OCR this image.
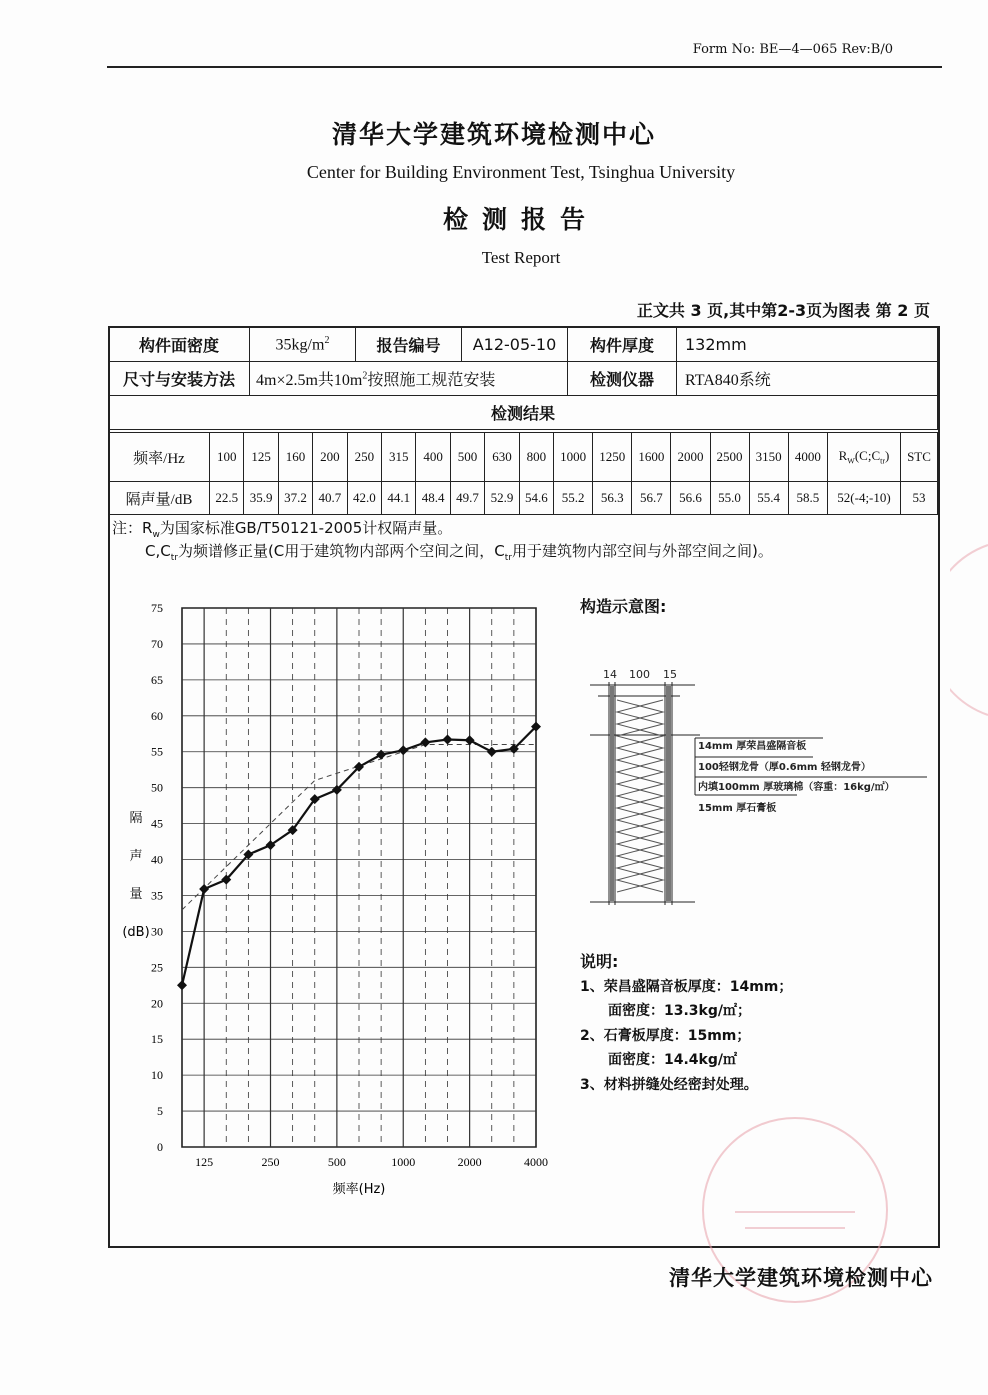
Form No: BE—4—065 Rev:B/0
清华大学建筑环境检测中心
Center for Building Environment Test, Tsinghua University
检测报告
Test Report
正文共 3 页,其中第2-3页为图表 第 2 页
构件面密度	$35kg/m^2$	报告编号	A12-05-10	构件厚度	132mm
尺寸与安装方法	4m×2.5m共$10m^2$按照施工规范安装			检测仪器	RTA840系统
检测结果					
频率/Hz	100	125	160	200	250	315	400	500	630	800	1000	1250	1600	2000	2500	3150	4000	$R_W(C;C_{tr})$	STC
隔声量/dB	22.5	35.9	37.2	40.7	42.0	44.1	48.4	49.7	52.9	54.6	55.2	56.3	56.7	56.6	55.0	55.4	58.5	52(-4;-10)	53
注：$R_w$为国家标准GB/T50121-2005计权隔声量。
$C,C_{tr}$为频谱修正量(C用于建筑物内部两个空间之间，$C_{tr}$用于建筑物内部空间与外部空间之间)。
0
5
10
15
20
25
30
35
40
45
50
55
60
65
70
75
125	250	500	1000	2000	4000
频率(Hz)
隔
声
量
(dB)
构造示意图:
14 100 15
14mm 厚荣昌盛隔音板
100轻钢龙骨（厚0.6mm 轻钢龙骨）
内填100mm 厚玻璃棉（容重：16kg/㎡）
15mm 厚石膏板
说明:
1、荣昌盛隔音板厚度：14mm；
面密度：13.3kg/㎡；
2、石膏板厚度：15mm；
面密度：14.4kg/㎡
3、材料拼缝处经密封处理。
清华大学建筑环境检测中心
